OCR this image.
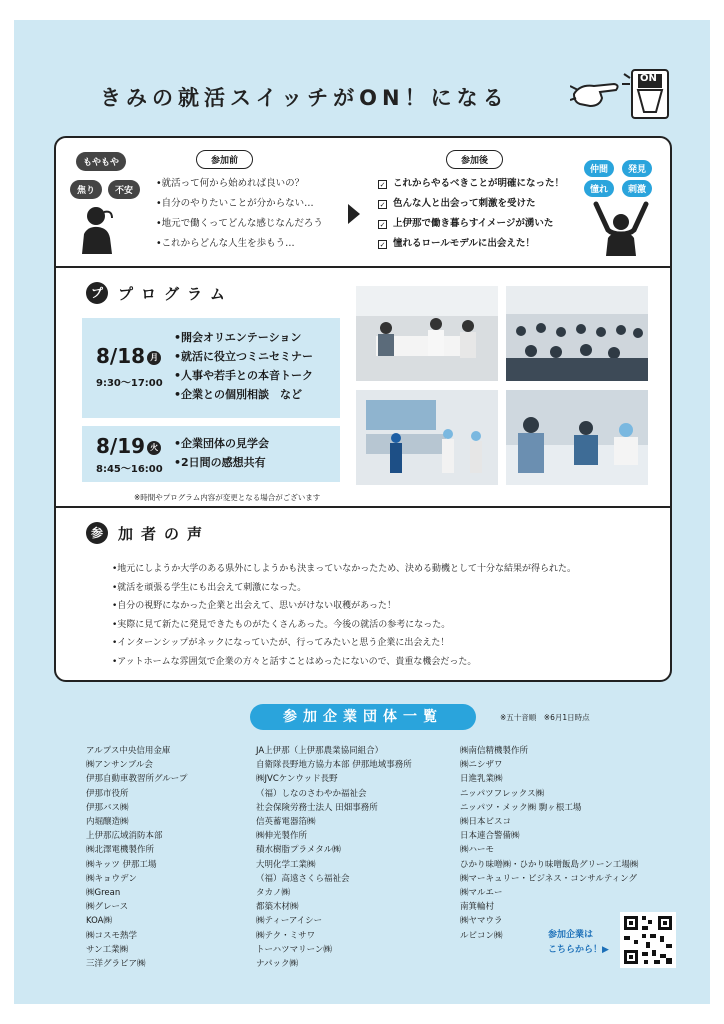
きみの就活スイッチがON！になる
ON
もやもや
焦り	不安
参加前
•就活って何から始めれば良いの？
•自分のやりたいことが分からない…
•地元で働くってどんな感じなんだろう
•これからどんな人生を歩もう…
参加後
✓ これからやるべきことが明確になった！
✓ 色んな人と出会って刺激を受けた
✓ 上伊那で働き暮らすイメージが湧いた
✓ 憧れるロールモデルに出会えた！
仲間	発見
憧れ	刺激
プ	プログラム
8/18 月
9:30～17:00
•開会オリエンテーション
•就活に役立つミニセミナー
•人事や若手との本音トーク
•企業との個別相談　など
8/19 火
8:45～16:00
•企業団体の見学会
•2日間の感想共有
※時間やプログラム内容が変更となる場合がございます
参	加者の声
•地元にしようか大学のある県外にしようかも決まっていなかったため、決める動機として十分な結果が得られた。
•就活を頑張る学生にも出会えて刺激になった。
•自分の視野になかった企業と出会えて、思いがけない収穫があった！
•実際に見て新たに発見できたものがたくさんあった。今後の就活の参考になった。
•インターンシップがネックになっていたが、行ってみたいと思う企業に出会えた！
•アットホームな雰囲気で企業の方々と話すことはめったにないので、貴重な機会だった。
参加企業団体一覧	※五十音順　※6月1日時点
アルプス中央信用金庫
㈱アンサンブル会
伊那自動車教習所グループ
伊那市役所
伊那バス㈱
内堀醸造㈱
上伊那広域消防本部
㈱北澤電機製作所
㈱キッツ 伊那工場
㈱キョウデン
㈱Grean
㈱グレース
KOA㈱
㈱コスモ熱学
サン工業㈱
三洋グラビア㈱
JA上伊那（上伊那農業協同組合）
自衛隊長野地方協力本部 伊那地域事務所
㈱JVCケンウッド長野
（福）しなのさわやか福祉会
社会保険労務士法人 田畑事務所
信英蓄電器箔㈱
㈱伸光製作所
積水樹脂プラメタル㈱
大明化学工業㈱
（福）高遠さくら福祉会
タカノ㈱
都築木材㈱
㈱ティーアイシー
㈱テク・ミサワ
トーハツマリーン㈱
ナパック㈱
㈱南信精機製作所
㈱ニシザワ
日進乳業㈱
ニッパツフレックス㈱
ニッパツ・メック㈱ 駒ヶ根工場
㈱日本ビスコ
日本連合警備㈱
㈱ハーモ
ひかり味噌㈱・ひかり味噌飯島グリーン工場㈱
㈱マーキュリー・ビジネス・コンサルティング
㈱マルエー
南箕輪村
㈱ヤマウラ
ルビコン㈱	参加企業は
こちらから！▶
